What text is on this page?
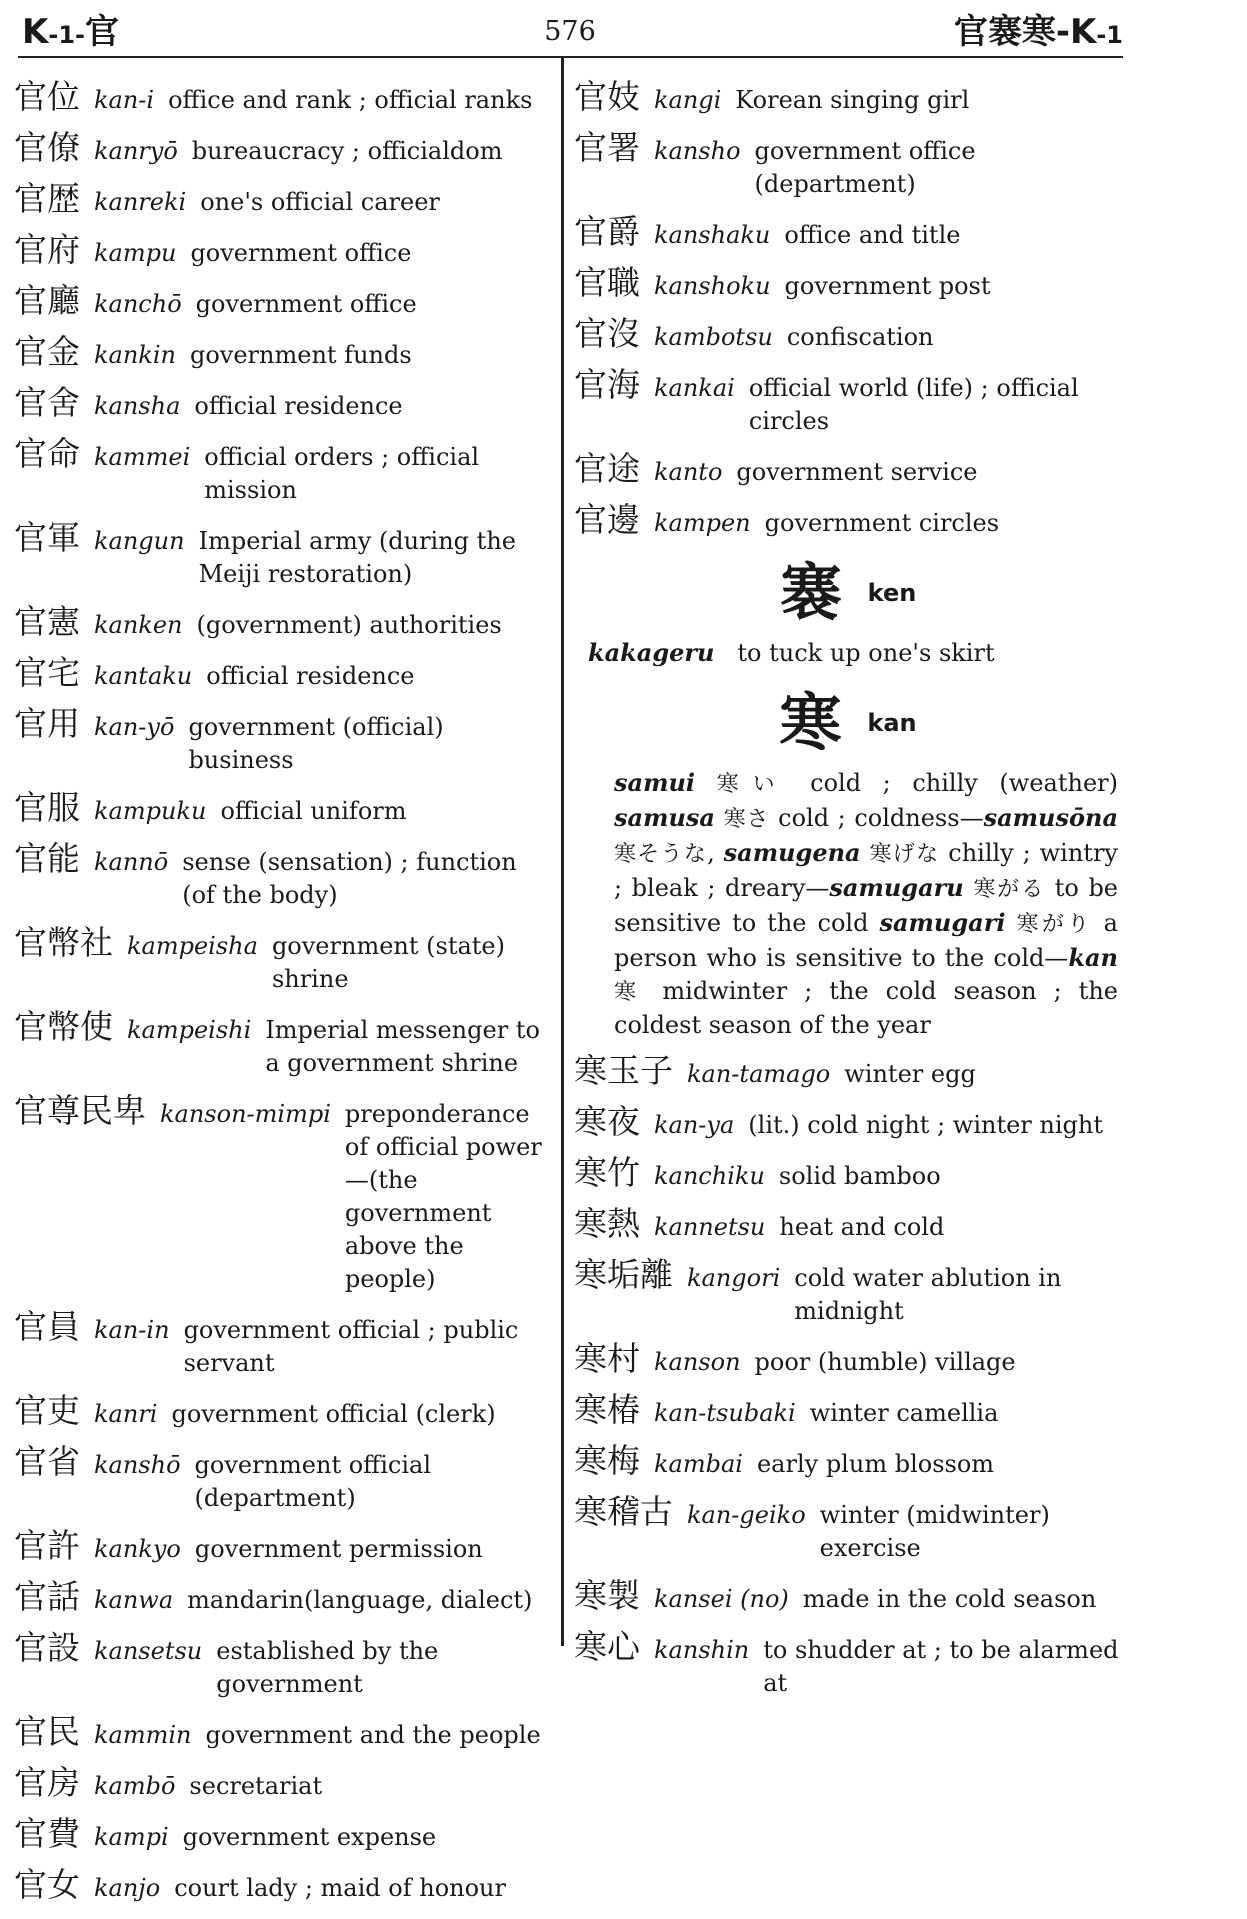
K-1-官	576	官褰寒-K-1
官位 kan-i office and rank ; official ranks
官僚 kanryō bureaucracy ; officialdom
官歴 kanreki one's official career
官府 kampu government office
官廳 kanchō government office
官金 kankin government funds
官舍 kansha official residence
官命 kammei official orders ; official mission
官軍 kangun Imperial army (during the Meiji restoration)
官憲 kanken (government) authorities
官宅 kantaku official residence
官用 kan-yō government (official) business
官服 kampuku official uniform
官能 kannō sense (sensation) ; function (of the body)
官幣社 kampeisha government (state) shrine
官幣使 kampeishi Imperial messenger to a government shrine
官尊民卑 kanson-mimpi preponderance of official power—(the government above the people)
官員 kan-in government official ; public servant
官吏 kanri government official (clerk)
官省 kanshō government official (department)
官許 kankyo government permission
官話 kanwa mandarin(language, dialect)
官設 kansetsu established by the government
官民 kammin government and the people
官房 kambō secretariat
官費 kampi government expense
官女 kanjo court lady ; maid of honour
官妓 kangi Korean singing girl
官署 kansho government office (department)
官爵 kanshaku office and title
官職 kanshoku government post
官沒 kambotsu confiscation
官海 kankai official world (life) ; official circles
官途 kanto government service
官邊 kampen government circles
褰 ken
kakageru to tuck up one's skirt
寒 kan
samui 寒い cold ; chilly (weather) samusa 寒さ cold ; coldness—samusōna 寒そうな, samugena 寒げな chilly ; wintry ; bleak ; dreary—samugaru 寒がる to be sensitive to the cold samugari 寒がり a person who is sensitive to the cold—kan 寒 midwinter ; the cold season ; the coldest season of the year
寒玉子 kan-tamago winter egg
寒夜 kan-ya (lit.) cold night ; winter night
寒竹 kanchiku solid bamboo
寒熱 kannetsu heat and cold
寒垢離 kangori cold water ablution in midnight
寒村 kanson poor (humble) village
寒椿 kan-tsubaki winter camellia
寒梅 kambai early plum blossom
寒稽古 kan-geiko winter (midwinter) exercise
寒製 kansei (no) made in the cold season
寒心 kanshin to shudder at ; to be alarmed at
